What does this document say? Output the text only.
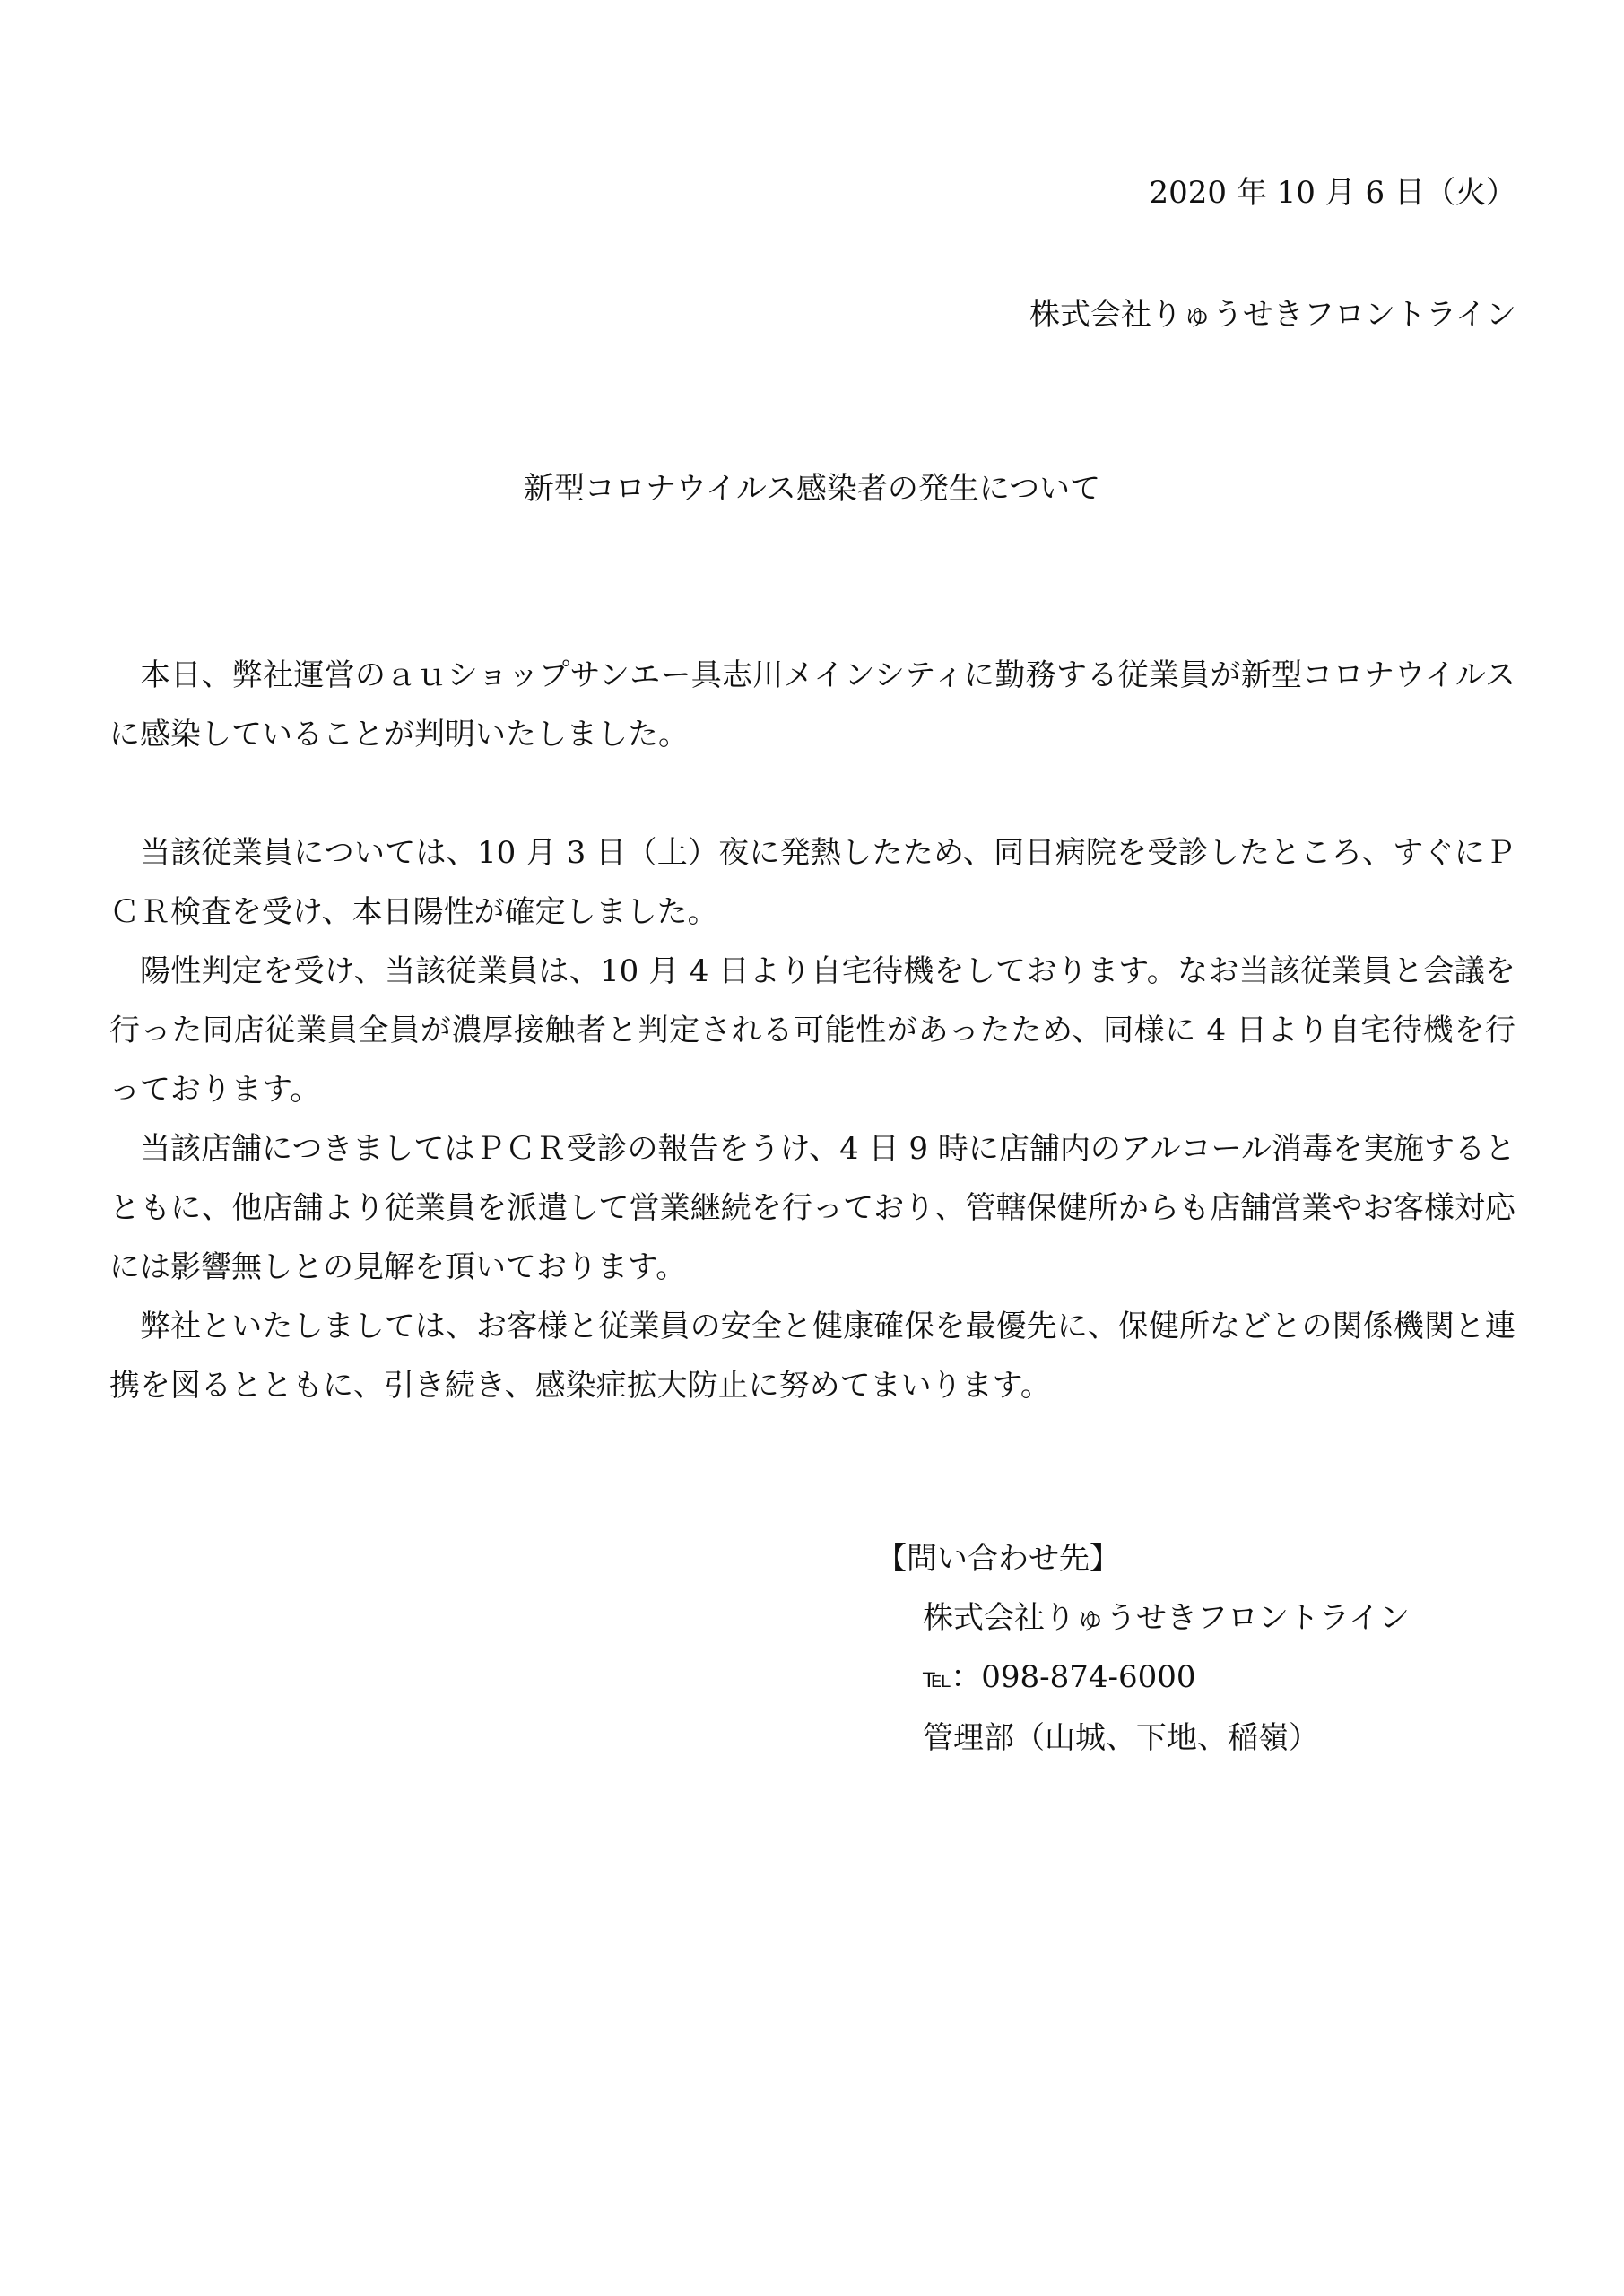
2020 年 10 月 6 日（火）
株式会社りゅうせきフロントライン
新型コロナウイルス感染者の発生について

本日、弊社運営のａｕショップサンエー具志川メインシティに勤務する従業員が新型コロナウイルスに感染していることが判明いたしました。

当該従業員については、10 月 3 日（土）夜に発熱したため、同日病院を受診したところ、すぐにＰＣＲ検査を受け、本日陽性が確定しました。

陽性判定を受け、当該従業員は、10 月 4 日より自宅待機をしております。なお当該従業員と会議を行った同店従業員全員が濃厚接触者と判定される可能性があったため、同様に 4 日より自宅待機を行っております。

当該店舗につきましてはＰＣＲ受診の報告をうけ、4 日 9 時に店舗内のアルコール消毒を実施するとともに、他店舗より従業員を派遣して営業継続を行っており、管轄保健所からも店舗営業やお客様対応には影響無しとの見解を頂いております。

弊社といたしましては、お客様と従業員の安全と健康確保を最優先に、保健所などとの関係機関と連携を図るとともに、引き続き、感染症拡大防止に努めてまいります。

【問い合わせ先】
株式会社りゅうせきフロントライン
℡：098-874-6000
管理部（山城、下地、稲嶺）
